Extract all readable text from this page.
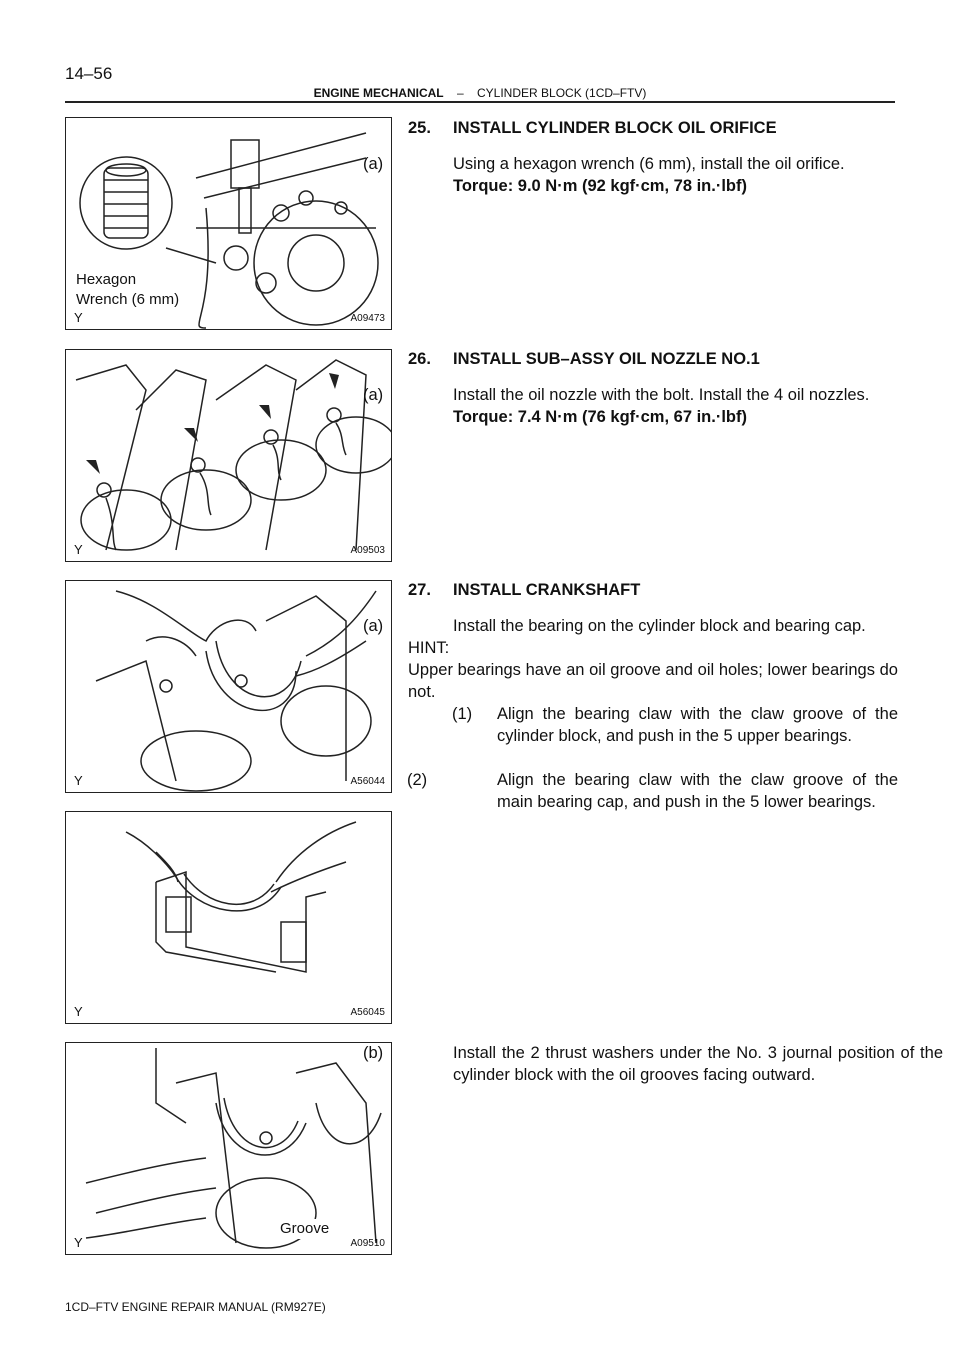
14–56
ENGINE MECHANICAL – CYLINDER BLOCK (1CD–FTV)
Hexagon
Wrench (6 mm)
Y	A09473
Y	A09503
Y	A56044
Y	A56045
Groove
Y	A09510
25. INSTALL CYLINDER BLOCK OIL ORIFICE
(a)	Using a hexagon wrench (6 mm), install the oil orifice.
Torque: 9.0 N·m (92 kgf·cm, 78 in.·lbf)
26. INSTALL SUB–ASSY OIL NOZZLE NO.1
(a)	Install the oil nozzle with the bolt. Install the 4 oil nozzles.
Torque: 7.4 N·m (76 kgf·cm, 67 in.·lbf)
27. INSTALL CRANKSHAFT
(a)	Install the bearing on the cylinder block and bearing cap.
HINT:
Upper bearings have an oil groove and oil holes; lower bearings do not.
(1) Align the bearing claw with the claw groove of the cylinder block, and push in the 5 upper bearings.
(2)	Align the bearing claw with the claw groove of the main bearing cap, and push in the 5 lower bearings.
(b)	Install the 2 thrust washers under the No. 3 journal position of the cylinder block with the oil grooves facing outward.
1CD–FTV ENGINE REPAIR MANUAL (RM927E)
